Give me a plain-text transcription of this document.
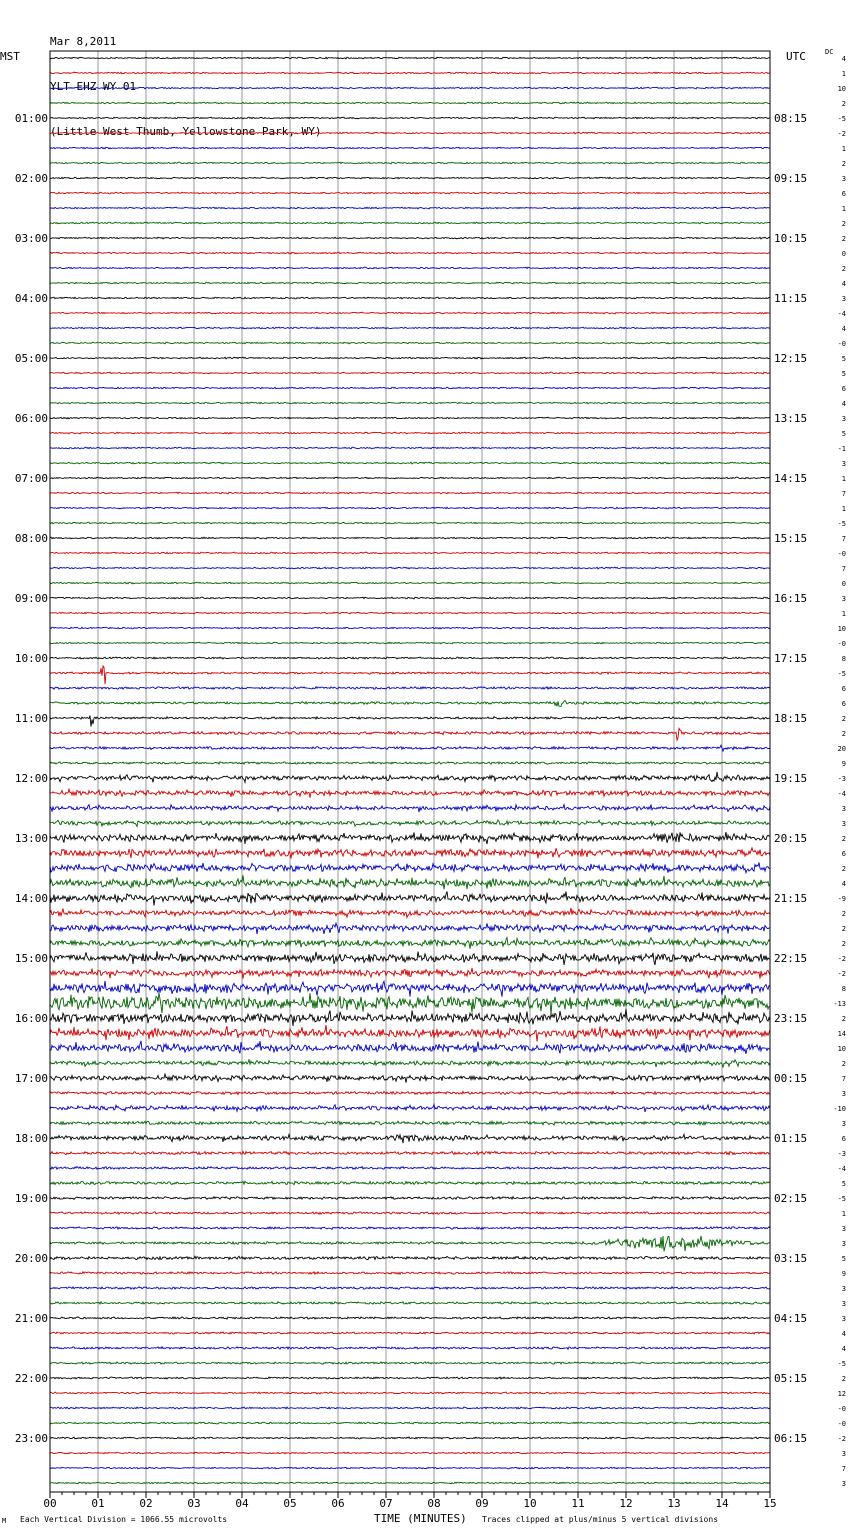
Mar 8,2011

YLT EHZ WY 01

(Little West Thumb, Yellowstone Park, WY)

MST	UTC	DC
00	01	02	03	04	05	06	07	08	09	10	11	12	13	14	15
4
1
10
2
-5
-2
1
2
3
6
1
2
2
0
2
4
3
-4
4
-0
5
5
6
4
3
5
-1
3
1
7
1
-5
7
-0
7
0
3
1
10
-0
8
-5
6
6
2
2
20
9
-3
-4
3
3
2
6
2
4
-9
2
2
2
-2
-2
8
-13
2
14
10
2
7
3
-10
3
6
-3
-4
5
-5
1
3
3
5
9
3
3
3
4
4
-5
2
12
-0
-0
-2
3
7
3
01:00
02:00
03:00
04:00
05:00
06:00
07:00
08:00
09:00
10:00
11:00
12:00
13:00
14:00
15:00
16:00
17:00
18:00
19:00
20:00
21:00
22:00
23:00
08:15
09:15
10:15
11:15
12:15
13:15
14:15
15:15
16:15
17:15
18:15
19:15
20:15
21:15
22:15
23:15
00:15
01:15
02:15
03:15
04:15
05:15
06:15
M Each Vertical Division = 1066.55 microvolts	TIME (MINUTES) Traces clipped at plus/minus 5 vertical divisions
